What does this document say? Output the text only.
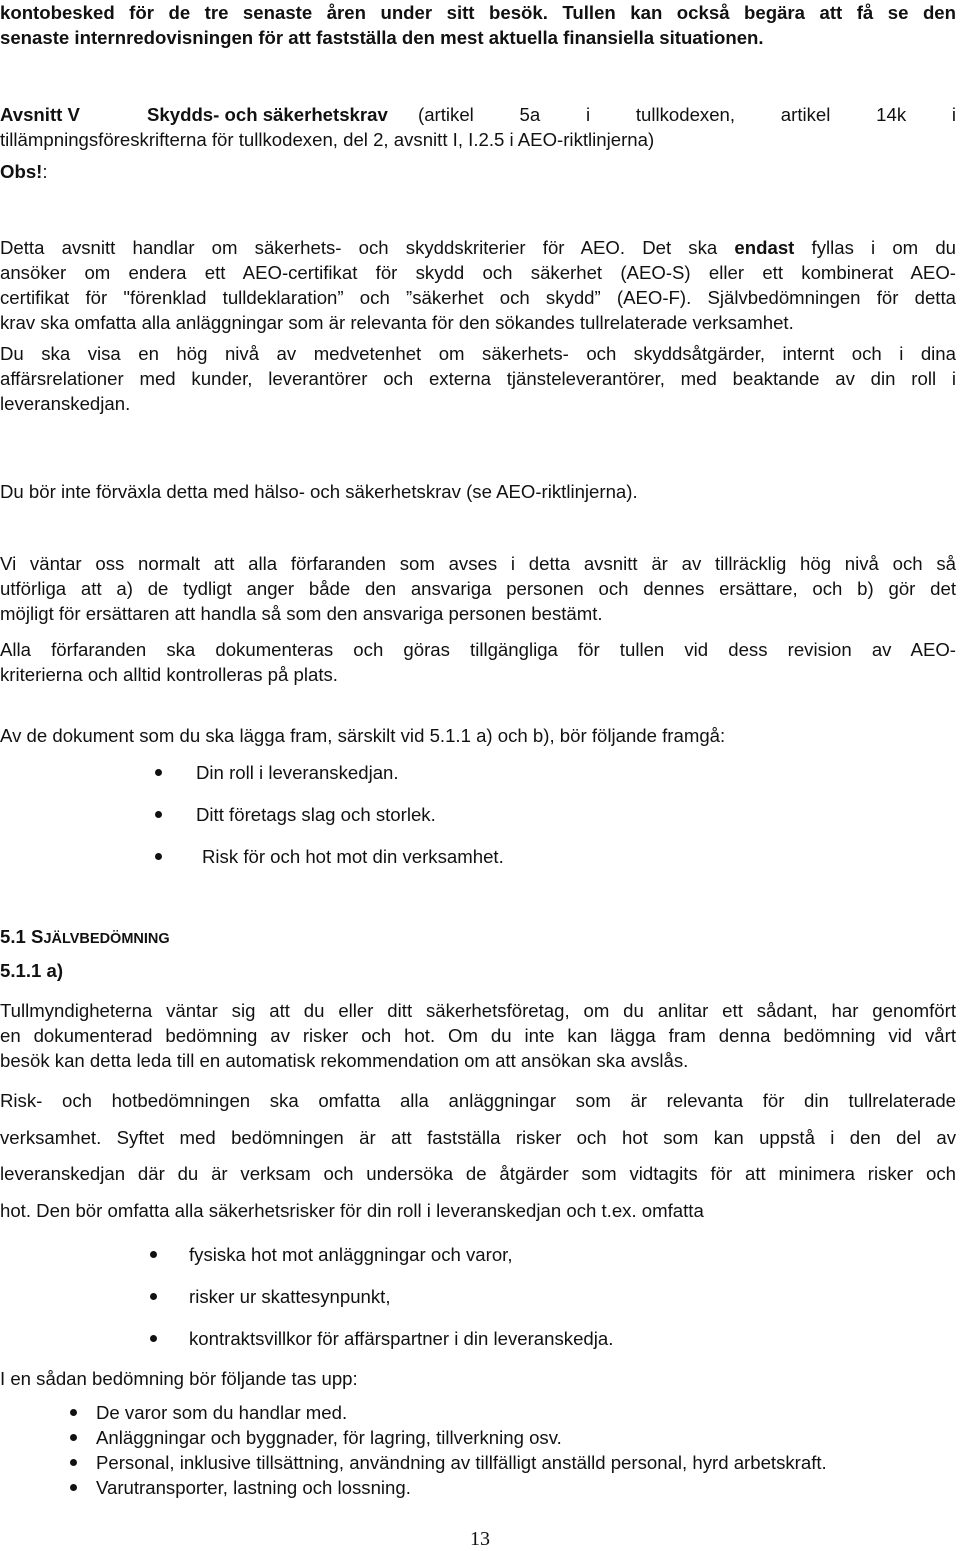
kontobesked för de tre senaste åren under sitt besök. Tullen kan också begära att få se den
senaste internredovisningen för att fastställa den mest aktuella finansiella situationen.
Avsnitt V	Skydds- och säkerhetskrav (artikel 5a i tullkodexen, artikel 14k i
tillämpningsföreskrifterna för tullkodexen, del 2, avsnitt I, I.2.5 i AEO-riktlinjerna)
Obs!:
Detta avsnitt handlar om säkerhets- och skyddskriterier för AEO. Det ska endast fyllas i om du
ansöker om endera ett AEO-certifikat för skydd och säkerhet (AEO-S) eller ett kombinerat AEO-
certifikat för "förenklad tulldeklaration” och ”säkerhet och skydd” (AEO-F). Självbedömningen för detta
krav ska omfatta alla anläggningar som är relevanta för den sökandes tullrelaterade verksamhet.
Du ska visa en hög nivå av medvetenhet om säkerhets- och skyddsåtgärder, internt och i dina
affärsrelationer med kunder, leverantörer och externa tjänsteleverantörer, med beaktande av din roll i
leveranskedjan.
Du bör inte förväxla detta med hälso- och säkerhetskrav (se AEO-riktlinjerna).
Vi väntar oss normalt att alla förfaranden som avses i detta avsnitt är av tillräcklig hög nivå och så
utförliga att a) de tydligt anger både den ansvariga personen och dennes ersättare, och b) gör det
möjligt för ersättaren att handla så som den ansvariga personen bestämt.
Alla förfaranden ska dokumenteras och göras tillgängliga för tullen vid dess revision av AEO-
kriterierna och alltid kontrolleras på plats.
Av de dokument som du ska lägga fram, särskilt vid 5.1.1 a) och b), bör följande framgå:
Din roll i leveranskedjan.
Ditt företags slag och storlek.
Risk för och hot mot din verksamhet.
5.1 SJÄLVBEDÖMNING
5.1.1 a)
Tullmyndigheterna väntar sig att du eller ditt säkerhetsföretag, om du anlitar ett sådant, har genomfört
en dokumenterad bedömning av risker och hot. Om du inte kan lägga fram denna bedömning vid vårt
besök kan detta leda till en automatisk rekommendation om att ansökan ska avslås.
Risk- och hotbedömningen ska omfatta alla anläggningar som är relevanta för din tullrelaterade
verksamhet. Syftet med bedömningen är att fastställa risker och hot som kan uppstå i den del av
leveranskedjan där du är verksam och undersöka de åtgärder som vidtagits för att minimera risker och
hot. Den bör omfatta alla säkerhetsrisker för din roll i leveranskedjan och t.ex. omfatta
fysiska hot mot anläggningar och varor,
risker ur skattesynpunkt,
kontraktsvillkor för affärspartner i din leveranskedja.
I en sådan bedömning bör följande tas upp:
De varor som du handlar med.
Anläggningar och byggnader, för lagring, tillverkning osv.
Personal, inklusive tillsättning, användning av tillfälligt anställd personal, hyrd arbetskraft.
Varutransporter, lastning och lossning.
13
